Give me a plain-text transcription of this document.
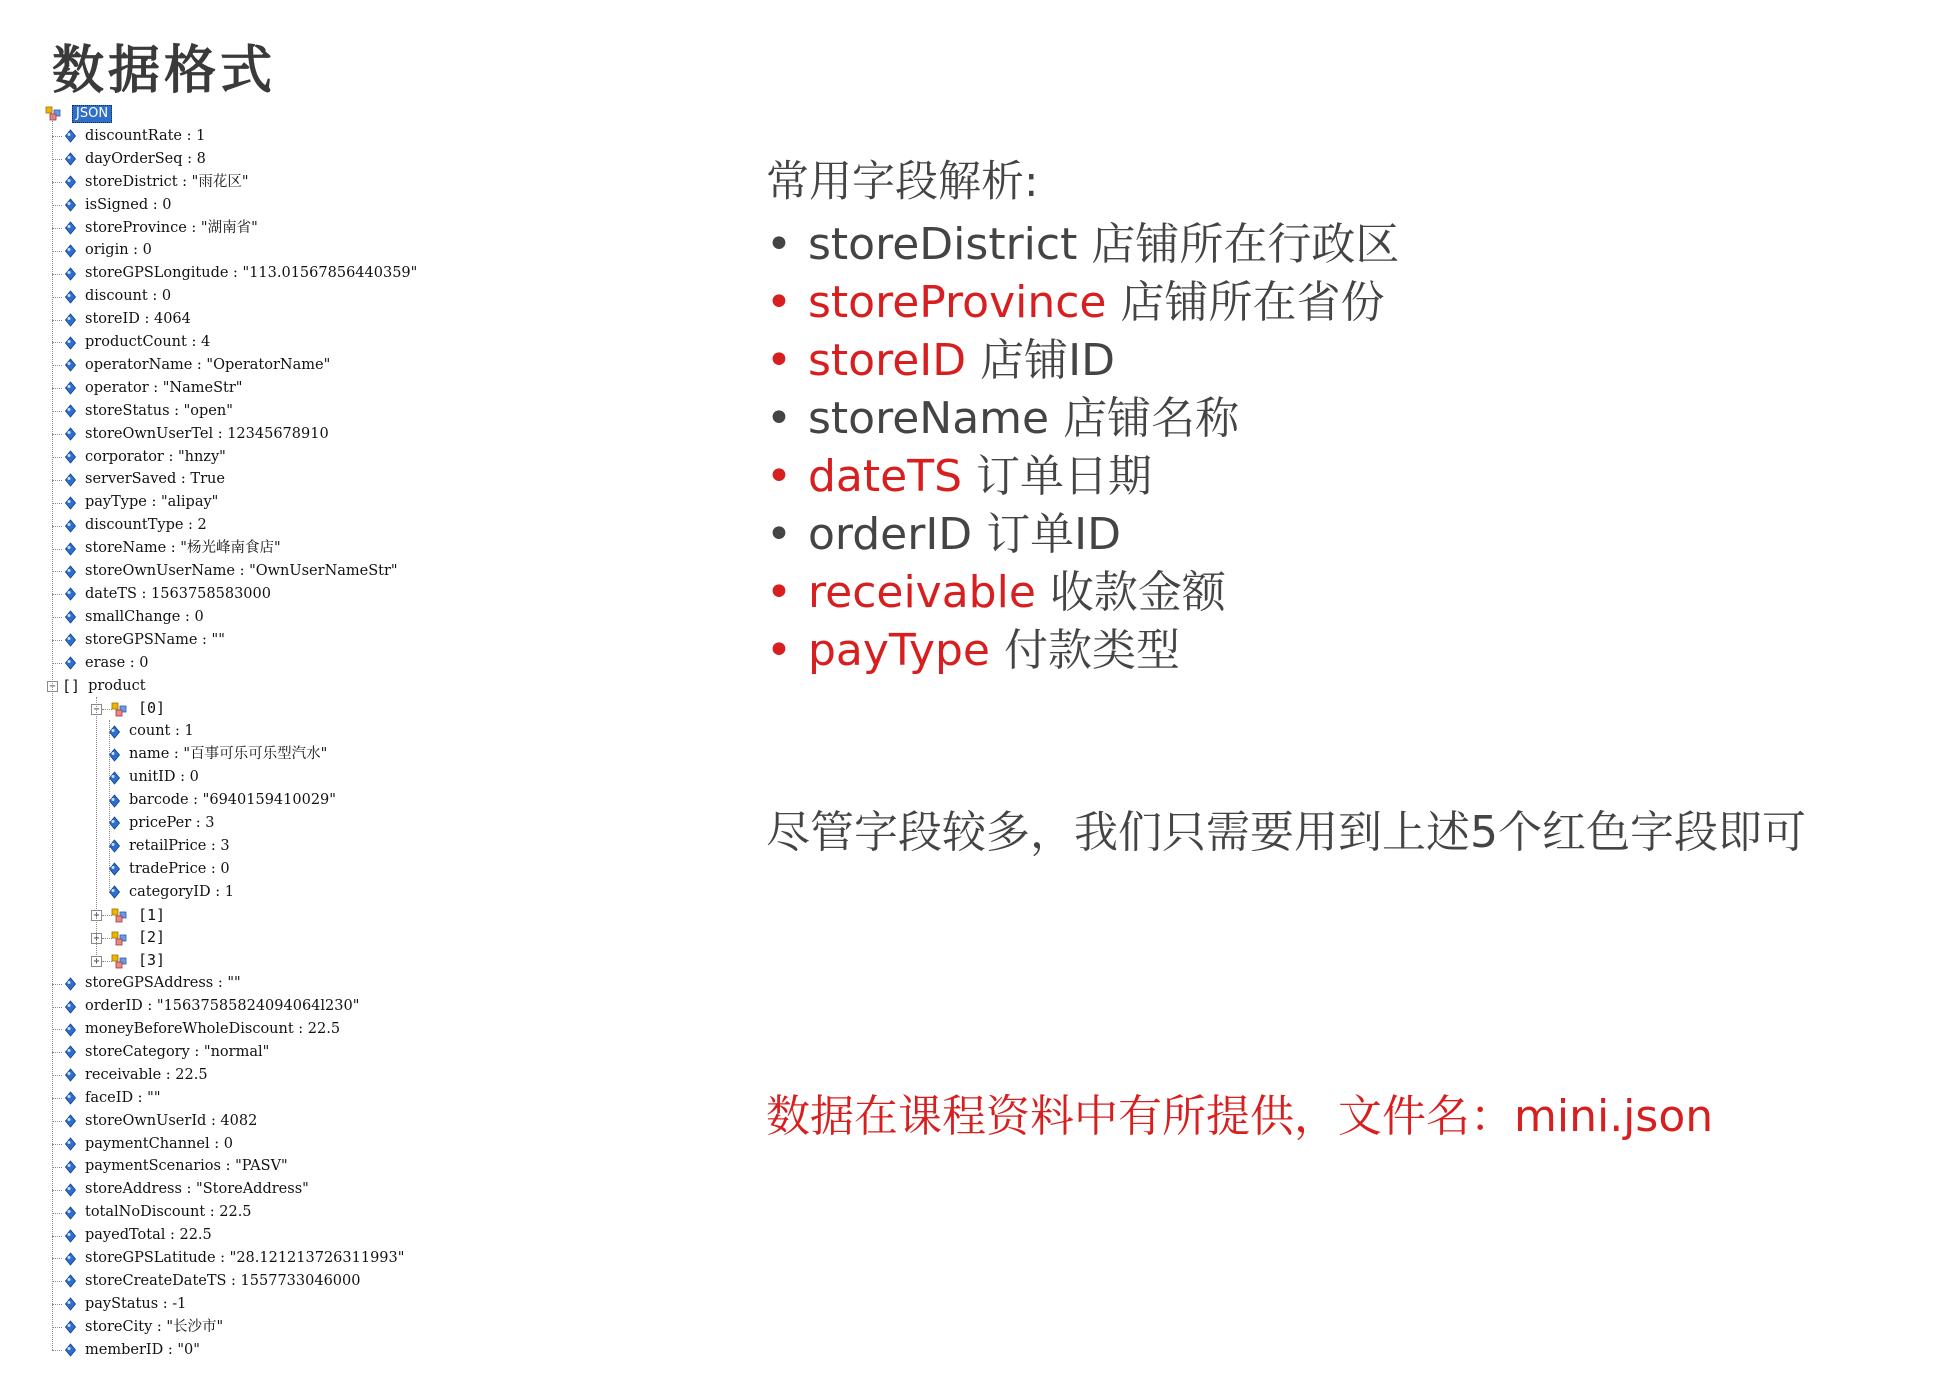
数据格式
JSON
discountRate : 1
dayOrderSeq : 8
storeDistrict : "雨花区"
isSigned : 0
storeProvince : "湖南省"
origin : 0
storeGPSLongitude : "113.01567856440359"
discount : 0
storeID : 4064
productCount : 4
operatorName : "OperatorName"
operator : "NameStr"
storeStatus : "open"
storeOwnUserTel : 12345678910
corporator : "hnzy"
serverSaved : True
payType : "alipay"
discountType : 2
storeName : "杨光峰南食店"
storeOwnUserName : "OwnUserNameStr"
dateTS : 1563758583000
smallChange : 0
storeGPSName : ""
erase : 0
− [] product
−	[0]
count : 1
name : "百事可乐可乐型汽水"
unitID : 0
barcode : "6940159410029"
pricePer : 3
retailPrice : 3
tradePrice : 0
categoryID : 1
+	[1]
+	[2]
+	[3]
storeGPSAddress : ""
orderID : "15637585824094064l230"
moneyBeforeWholeDiscount : 22.5
storeCategory : "normal"
receivable : 22.5
faceID : ""
storeOwnUserId : 4082
paymentChannel : 0
paymentScenarios : "PASV"
storeAddress : "StoreAddress"
totalNoDiscount : 22.5
payedTotal : 22.5
storeGPSLatitude : "28.121213726311993"
storeCreateDateTS : 1557733046000
payStatus : -1
storeCity : "长沙市"
memberID : "0"
常用字段解析:
• storeDistrict 店铺所在行政区
• storeProvince 店铺所在省份
• storeID 店铺ID
• storeName 店铺名称
• dateTS 订单日期
• orderID 订单ID
• receivable 收款金额
• payType 付款类型
尽管字段较多，我们只需要用到上述5个红色字段即可
数据在课程资料中有所提供，文件名：mini.json
